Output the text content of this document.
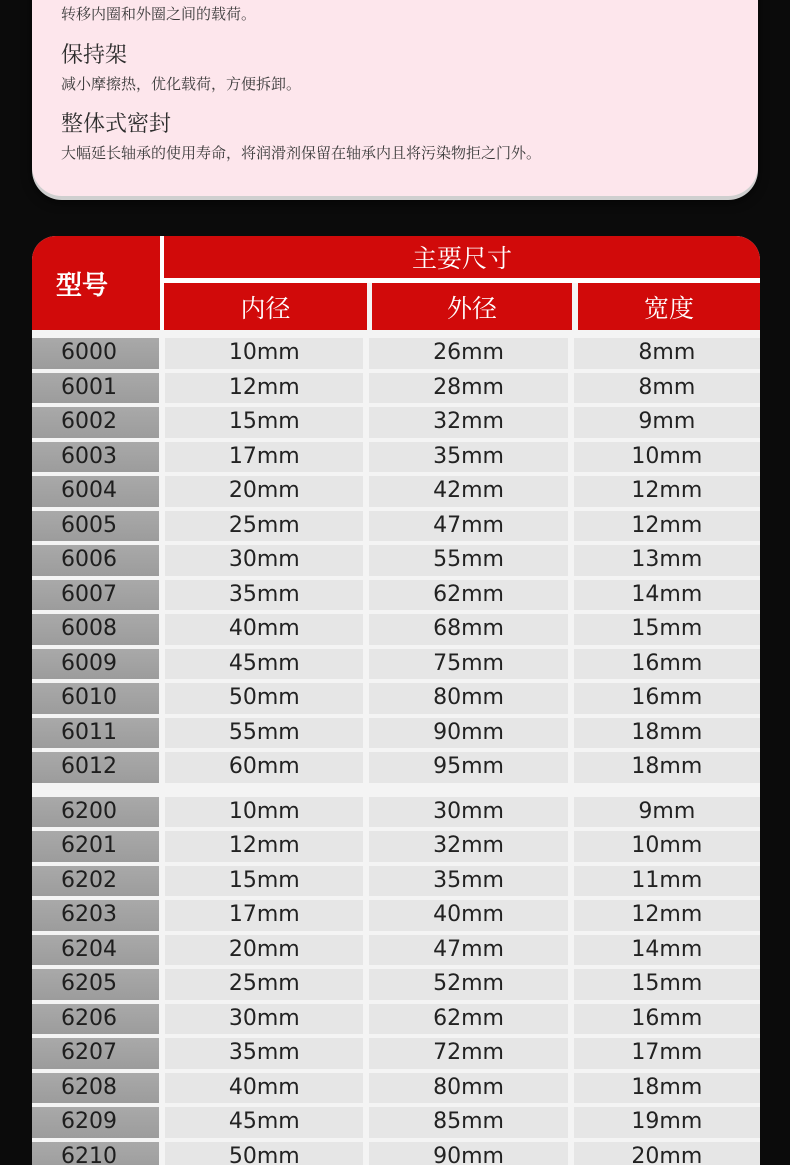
转移内圈和外圈之间的载荷。
保持架
减小摩擦热，优化载荷，方便拆卸。
整体式密封
大幅延长轴承的使用寿命，将润滑剂保留在轴承内且将污染物拒之门外。
型号
主要尺寸
内径	外径	宽度
6000	10mm	26mm	8mm
6001	12mm	28mm	8mm
6002	15mm	32mm	9mm
6003	17mm	35mm	10mm
6004	20mm	42mm	12mm
6005	25mm	47mm	12mm
6006	30mm	55mm	13mm
6007	35mm	62mm	14mm
6008	40mm	68mm	15mm
6009	45mm	75mm	16mm
6010	50mm	80mm	16mm
6011	55mm	90mm	18mm
6012	60mm	95mm	18mm
6200	10mm	30mm	9mm
6201	12mm	32mm	10mm
6202	15mm	35mm	11mm
6203	17mm	40mm	12mm
6204	20mm	47mm	14mm
6205	25mm	52mm	15mm
6206	30mm	62mm	16mm
6207	35mm	72mm	17mm
6208	40mm	80mm	18mm
6209	45mm	85mm	19mm
6210	50mm	90mm	20mm
